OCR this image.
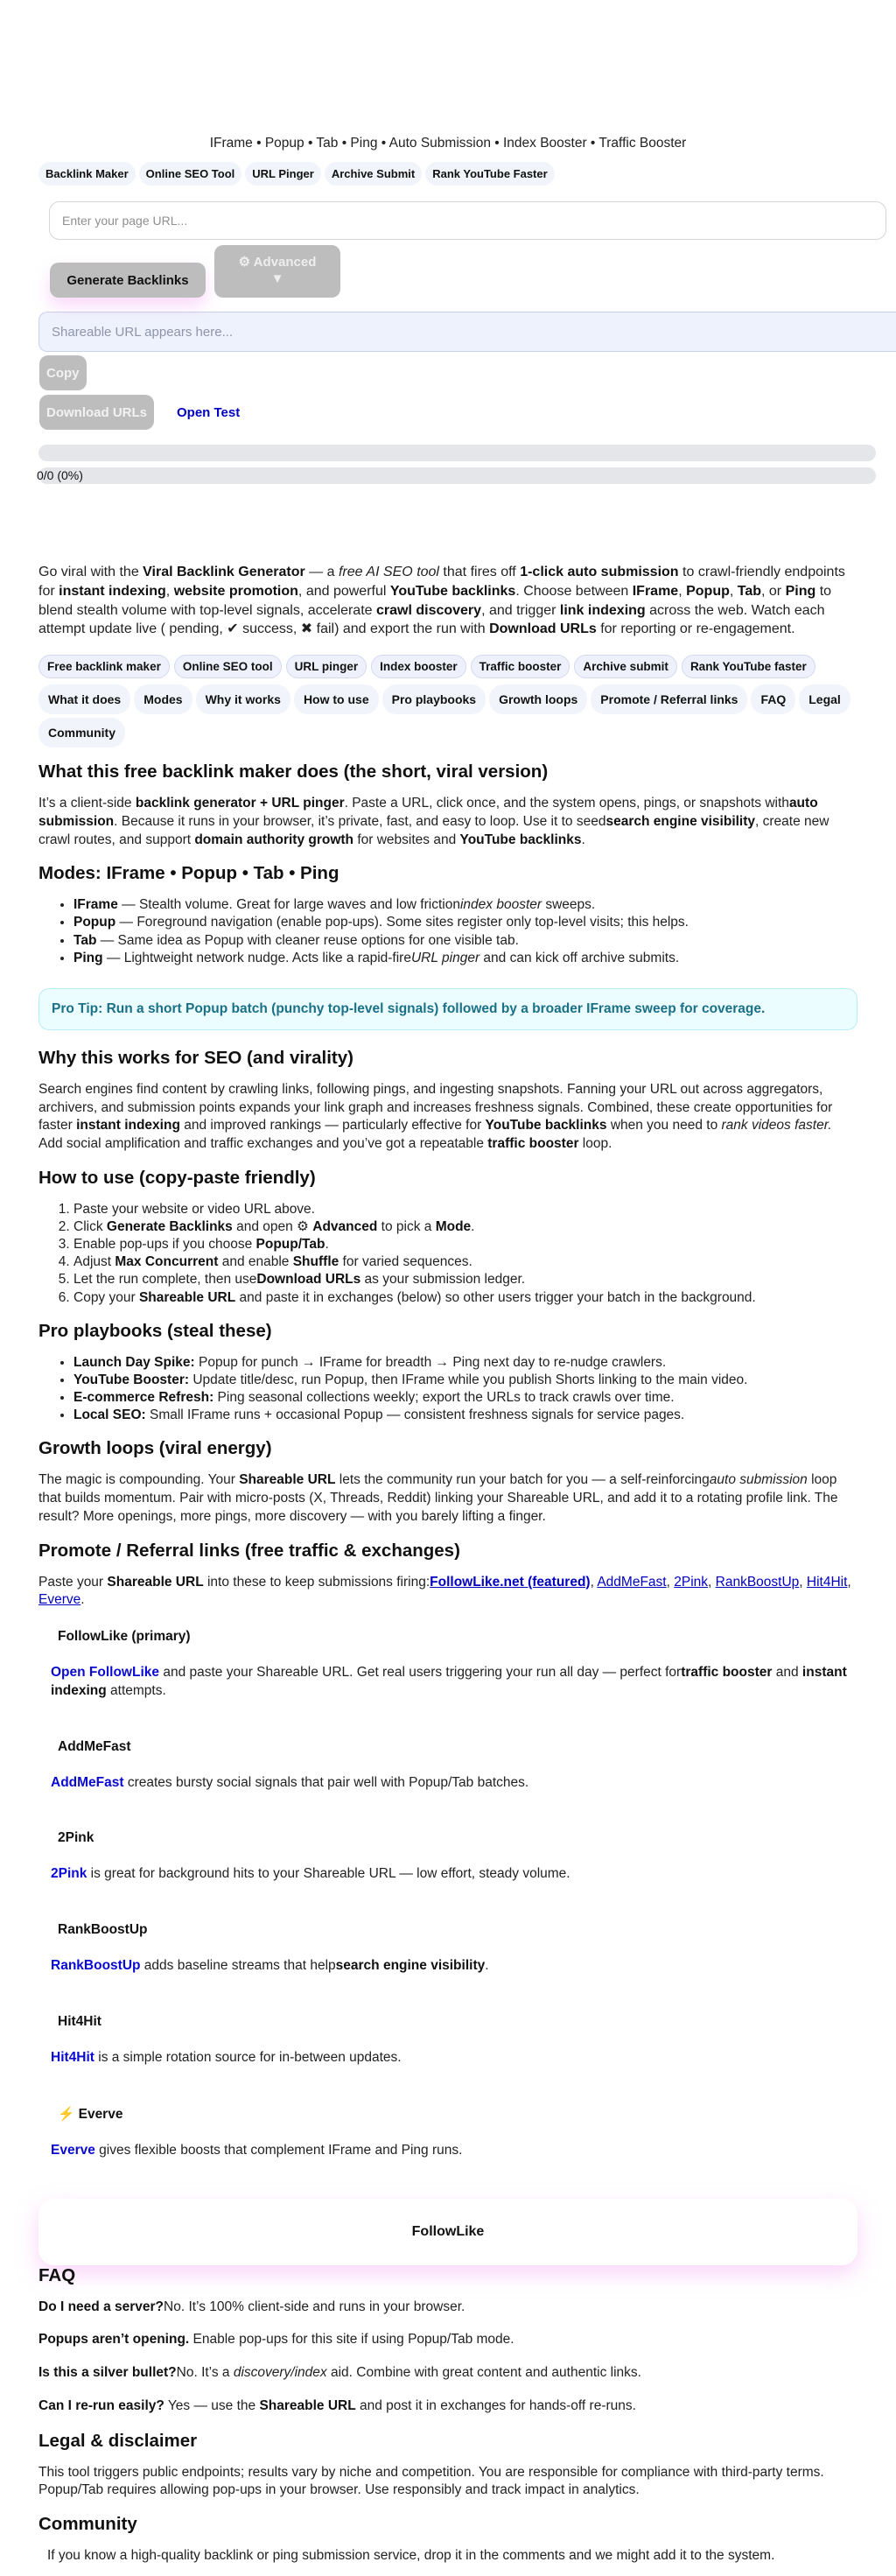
IFrame • Popup • Tab • Ping • Auto Submission • Index Booster • Traffic Booster
Backlink Maker	Online SEO Tool	URL Pinger	Archive Submit	Rank YouTube Faster
Enter your page URL...
Generate Backlinks
⚙ Advanced
▼
Shareable URL appears here...
Copy
Download URLs	Open Test
0/0 (0%)

Go viral with the Viral Backlink Generator — a free AI SEO tool that fires off 1-click auto submission to crawl-friendly endpoints for instant indexing, website promotion, and powerful YouTube backlinks. Choose between IFrame, Popup, Tab, or Ping to blend stealth volume with top-level signals, accelerate crawl discovery, and trigger link indexing across the web. Watch each attempt update live ( pending, ✔ success, ✖ fail) and export the run with Download URLs for reporting or re-engagement.

Free backlink maker	Online SEO tool	URL pinger	Index booster	Traffic booster	Archive submit	Rank YouTube faster
What it does	Modes	Why it works	How to use	Pro playbooks	Growth loops	Promote / Referral links	FAQ	Legal
Community
What this free backlink maker does (the short, viral version)

It’s a client-side backlink generator + URL pinger. Paste a URL, click once, and the system opens, pings, or snapshots withauto submission. Because it runs in your browser, it’s private, fast, and easy to loop. Use it to seedsearch engine visibility, create new crawl routes, and support domain authority growth for websites and YouTube backlinks.

Modes: IFrame • Popup • Tab • Ping
• IFrame — Stealth volume. Great for large waves and low frictionindex booster sweeps.
• Popup — Foreground navigation (enable pop-ups). Some sites register only top-level visits; this helps.
• Tab — Same idea as Popup with cleaner reuse options for one visible tab.
• Ping — Lightweight network nudge. Acts like a rapid-fireURL pinger and can kick off archive submits.
Pro Tip: Run a short Popup batch (punchy top-level signals) followed by a broader IFrame sweep for coverage.
Why this works for SEO (and virality)

Search engines find content by crawling links, following pings, and ingesting snapshots. Fanning your URL out across aggregators, archivers, and submission points expands your link graph and increases freshness signals. Combined, these create opportunities for faster instant indexing and improved rankings — particularly effective for YouTube backlinks when you need to rank videos faster. Add social amplification and traffic exchanges and you’ve got a repeatable traffic booster loop.

How to use (copy-paste friendly)
1. Paste your website or video URL above.
2. Click Generate Backlinks and open ⚙ Advanced to pick a Mode.
3. Enable pop-ups if you choose Popup/Tab.
4. Adjust Max Concurrent and enable Shuffle for varied sequences.
5. Let the run complete, then useDownload URLs as your submission ledger.
6. Copy your Shareable URL and paste it in exchanges (below) so other users trigger your batch in the background.
Pro playbooks (steal these)
• Launch Day Spike: Popup for punch → IFrame for breadth → Ping next day to re-nudge crawlers.
• YouTube Booster: Update title/desc, run Popup, then IFrame while you publish Shorts linking to the main video.
• E-commerce Refresh: Ping seasonal collections weekly; export the URLs to track crawls over time.
• Local SEO: Small IFrame runs + occasional Popup — consistent freshness signals for service pages.
Growth loops (viral energy)

The magic is compounding. Your Shareable URL lets the community run your batch for you — a self-reinforcingauto submission loop that builds momentum. Pair with micro-posts (X, Threads, Reddit) linking your Shareable URL, and add it to a rotating profile link. The result? More openings, more pings, more discovery — with you barely lifting a finger.

Promote / Referral links (free traffic & exchanges)

Paste your Shareable URL into these to keep submissions firing:FollowLike.net (featured), AddMeFast, 2Pink, RankBoostUp, Hit4Hit, Everve.

FollowLike (primary)

Open FollowLike and paste your Shareable URL. Get real users triggering your run all day — perfect fortraffic booster and instant indexing attempts.

AddMeFast

AddMeFast creates bursty social signals that pair well with Popup/Tab batches.

2Pink

2Pink is great for background hits to your Shareable URL — low effort, steady volume.

RankBoostUp

RankBoostUp adds baseline streams that helpsearch engine visibility.

Hit4Hit

Hit4Hit is a simple rotation source for in-between updates.

⚡ Everve

Everve gives flexible boosts that complement IFrame and Ping runs.

FollowLike
FAQ

Do I need a server?No. It’s 100% client-side and runs in your browser.

Popups aren’t opening. Enable pop-ups for this site if using Popup/Tab mode.

Is this a silver bullet?No. It’s a discovery/index aid. Combine with great content and authentic links.

Can I re-run easily? Yes — use the Shareable URL and post it in exchanges for hands-off re-runs.

Legal & disclaimer

This tool triggers public endpoints; results vary by niche and competition. You are responsible for compliance with third-party terms. Popup/Tab requires allowing pop-ups in your browser. Use responsibly and track impact in analytics.

Community

If you know a high-quality backlink or ping submission service, drop it in the comments and we might add it to the system.
